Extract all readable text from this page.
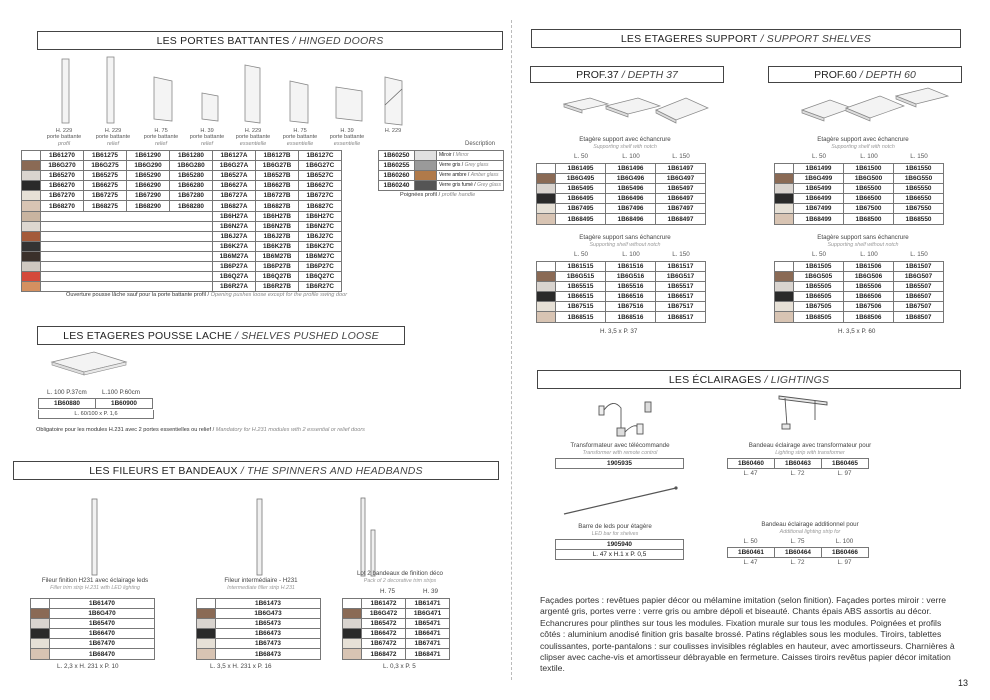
LES PORTES BATTANTES / HINGED DOORS
H. 229
porte battante
profil
H. 229
porte battante
relief
H. 75
porte battante
relief
H. 39
porte battante
relief
H. 229
porte battante
essentielle
H. 75
porte battante
essentielle
H. 39
porte battante
essentielle
H. 229
Description
	1B61270	1B61275	1B61290	1B61280	1B6127A	1B6127B	1B6127C
	1B6G270	1B6G275	1B6G290	1B6G280	1B6G27A	1B6G27B	1B6G27C
	1B65270	1B65275	1B65290	1B65280	1B6527A	1B6527B	1B6527C
	1B66270	1B66275	1B66290	1B66280	1B6627A	1B6627B	1B6627C
	1B67270	1B67275	1B67290	1B67280	1B6727A	1B6727B	1B6727C
	1B68270	1B68275	1B68290	1B68280	1B6827A	1B6827B	1B6827C
					1B6H27A	1B6H27B	1B6H27C
					1B6N27A	1B6N27B	1B6N27C
					1B6J27A	1B6J27B	1B6J27C
					1B6K27A	1B6K27B	1B6K27C
					1B6M27A	1B6M27B	1B6M27C
					1B6P27A	1B6P27B	1B6P27C
					1B6Q27A	1B6Q27B	1B6Q27C
					1B6R27A	1B6R27B	1B6R27C
1B60250		Miroir / Mirror
1B60255		Verre gris / Grey glass
1B60260		Verre ambre / Amber glass
1B60240		Verre gris fumé / Grey glass
Poignées profil / profile handle
Ouverture pousse lâche sauf pour la porte battante profil / Opening pushes loose except for the profile swing door
LES ETAGERES POUSSE LACHE / SHELVES PUSHED LOOSE
L. 100 P.37cm L.100 P.60cm
1B60880	1B60900
L. 60/100 x P. 1,6
Obligatoire pour les modules H.231 avec 2 portes essentielles ou relief / Mandatory for H.231 modules with 2 essential or relief doors
LES FILEURS ET BANDEAUX / THE SPINNERS AND HEADBANDS
Fileur finition H231 avec éclairage leds
Filler trim strip H.231 with LED lighting
Fileur intermédiaire - H231
Intermediate filler strip H.231
Lot 2 bandeaux de finition déco
Pack of 2 decorative trim strips
H. 75	H. 39
	1B61470
	1B6G470
	1B65470
	1B66470
	1B67470
	1B68470
	1B61473
	1B6G473
	1B65473
	1B66473
	1B67473
	1B68473
	1B61472	1B61471
	1B6G472	1B6G471
	1B65472	1B65471
	1B66472	1B66471
	1B67472	1B67471
	1B68472	1B68471
L. 2,3 x H. 231 x P. 10	L. 3,5 x H. 231 x P. 16	L. 0,3 x P. 5
LES ETAGERES SUPPORT / SUPPORT SHELVES
PROF.37 / DEPTH 37	PROF.60 / DEPTH 60
Etagère support avec échancrure
Supporting shelf with notch
Etagère support avec échancrure
Supporting shelf with notch
L. 50	L. 100	L. 150	L. 50	L. 100	L. 150
	1B61495	1B61496	1B61497
	1B6G495	1B6G496	1B6G497
	1B65495	1B65496	1B65497
	1B66495	1B66496	1B66497
	1B67495	1B67496	1B67497
	1B68495	1B68496	1B68497
	1B61499	1B61500	1B61550
	1B6G499	1B6G500	1B6G550
	1B65499	1B65500	1B65550
	1B66499	1B66500	1B66550
	1B67499	1B67500	1B67550
	1B68499	1B68500	1B68550
Etagère support sans échancrure
Supporting shelf without notch
Etagère support sans échancrure
Supporting shelf without notch
L. 50	L. 100	L. 150	L. 50	L. 100	L. 150
	1B61515	1B61516	1B61517
	1B6G515	1B6G516	1B6G517
	1B65515	1B65516	1B65517
	1B66515	1B66516	1B66517
	1B67515	1B67516	1B67517
	1B68515	1B68516	1B68517
	1B61505	1B61506	1B61507
	1B6G505	1B6G506	1B6G507
	1B65505	1B65506	1B65507
	1B66505	1B66506	1B66507
	1B67505	1B67506	1B67507
	1B68505	1B68506	1B68507
H. 3,5 x P. 37	H. 3,5 x P. 60
LES ÉCLAIRAGES / LIGHTINGS
Transformateur avec télécommande
Transformer with remote control
1905935
Bandeau éclairage avec transformateur pour
Lighting strip with transformer
1B60460	1B60463	1B60465
L. 47	L. 72	L. 97
Barre de leds pour étagère
LED bar for shelves
1905940
L. 47 x H.1 x P. 0,5
Bandeau éclairage additionnel pour
Additional lighting strip for
L. 50	L. 75	L. 100
1B60461	1B60464	1B60466
L. 47	L. 72	L. 97
Façades portes : revêtues papier décor ou mélamine imitation (selon finition). Façades portes miroir : verre argenté gris, portes verre : verre gris ou ambre dépoli et biseauté. Chants épais ABS assortis au décor. Echancrures pour plinthes sur tous les modules. Fixation murale sur tous les modules. Poignées et profils côtés : aluminium anodisé finition gris basalte brossé. Patins réglables sous les modules. Tiroirs, tablettes coulissantes, porte-pantalons : sur coulisses invisibles réglables en hauteur, avec amortisseurs. Charnières à clipser avec cache-vis et amortisseur débrayable en fermeture. Caisses tiroirs revêtus papier décor imitation textile.
13
